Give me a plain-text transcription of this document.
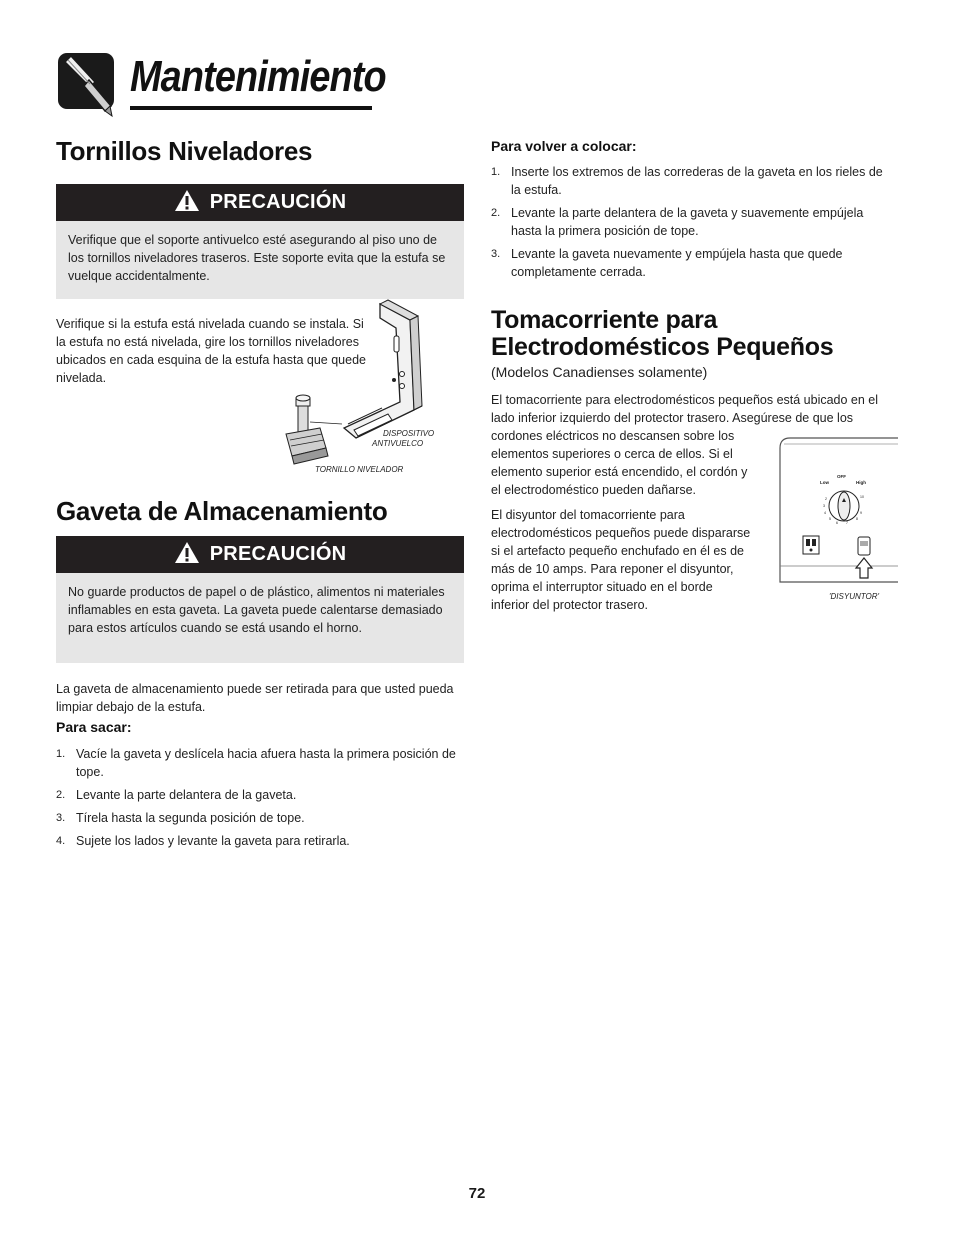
Mantenimiento
Tornillos Niveladores
PRECAUCIÓN
Verifique que el soporte antivuelco esté asegurando al piso uno de los tornillos niveladores traseros. Este soporte evita que la estufa se vuelque accidentalmente.

Verifique si la estufa está nivelada cuando se instala. Si la estufa no está nivelada, gire los tornillos niveladores ubicados en cada esquina de la estufa hasta que quede nivelada.

DISPOSITIVO
ANTIVUELCO
TORNILLO NIVELADOR
Gaveta de Almacenamiento
PRECAUCIÓN
No guarde productos de papel o de plástico, alimentos ni materiales inflamables en esta gaveta. La gaveta puede calentarse demasiado para estos artículos cuando se está usando el horno.

La gaveta de almacenamiento puede ser retirada para que usted pueda limpiar debajo de la estufa.

Para sacar:
1. Vacíe la gaveta y deslícela hacia afuera hasta la primera posición de tope.
2. Levante la parte delantera de la gaveta.
3. Tírela hasta la segunda posición de tope.
4. Sujete los lados y levante la gaveta para retirarla.
Para volver a colocar:
1. Inserte los extremos de las correderas de la gaveta en los rieles de la estufa.
2. Levante la parte delantera de la gaveta y suavemente empújela hasta la primera posición de tope.
3. Levante la gaveta nuevamente y empújela hasta que quede completamente cerrada.
Tomacorriente para
Electrodomésticos Pequeños
(Modelos Canadienses solamente)

El tomacorriente para electrodomésticos pequeños está ubicado en el lado inferior izquierdo del protector trasero. Asegúrese de que los

cordones eléctricos no descansen sobre los elementos superiores o cerca de ellos. Si el elemento superior está encendido, el cordón y el electrodoméstico pueden dañarse.

El disyuntor del tomacorriente para electrodomésticos pequeños puede dispararse si el artefacto pequeño enchufado en él es de más de 10 amps. Para reponer el disyuntor, oprima el interruptor situado en el borde inferior del protector trasero.

2
3
4
5
6 7
8
9
10
Low
OFF
High
'DISYUNTOR'
72
